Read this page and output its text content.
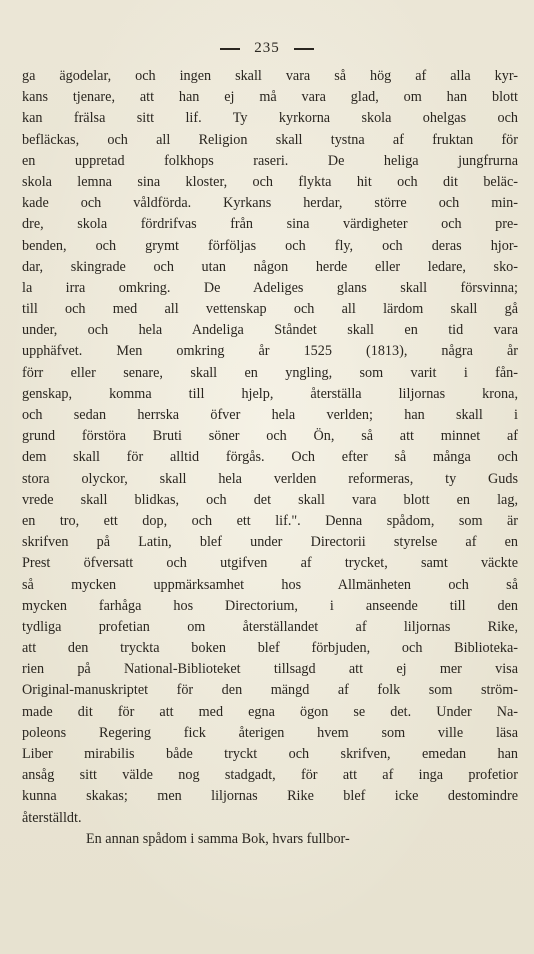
235
ga ägodelar, och ingen skall vara så hög af alla kyr-
kans tjenare, att han ej må vara glad, om han blott
kan frälsa sitt lif. Ty kyrkorna skola ohelgas och
befläckas, och all Religion skall tystna af fruktan för
en uppretad folkhops raseri. De heliga jungfrurna
skola lemna sina kloster, och flykta hit och dit beläc-
kade och våldförda. Kyrkans herdar, större och min-
dre, skola fördrifvas från sina värdigheter och pre-
benden, och grymt förföljas och fly, och deras hjor-
dar, skingrade och utan någon herde eller ledare, sko-
la irra omkring. De Adeliges glans skall försvinna;
till och med all vettenskap och all lärdom skall gå
under, och hela Andeliga Ståndet skall en tid vara
upphäfvet. Men omkring år 1525 (1813), några år
förr eller senare, skall en yngling, som varit i fån-
genskap, komma till hjelp, återställa liljornas krona,
och sedan herrska öfver hela verlden; han skall i
grund förstöra Bruti söner och Ön, så att minnet af
dem skall för alltid förgås. Och efter så många och
stora olyckor, skall hela verlden reformeras, ty Guds
vrede skall blidkas, och det skall vara blott en lag,
en tro, ett dop, och ett lif.". Denna spådom, som är
skrifven på Latin, blef under Directorii styrelse af en
Prest öfversatt och utgifven af trycket, samt väckte
så mycken uppmärksamhet hos Allmänheten och så
mycken farhåga hos Directorium, i anseende till den
tydliga profetian om återställandet af liljornas Rike,
att den tryckta boken blef förbjuden, och Biblioteka-
rien på National-Biblioteket tillsagd att ej mer visa
Original-manuskriptet för den mängd af folk som ström-
made dit för att med egna ögon se det. Under Na-
poleons Regering fick återigen hvem som ville läsa
Liber mirabilis både tryckt och skrifven, emedan han
ansåg sitt välde nog stadgadt, för att af inga profetior
kunna skakas; men liljornas Rike blef icke destomindre
återställdt.
En annan spådom i samma Bok, hvars fullbor-
